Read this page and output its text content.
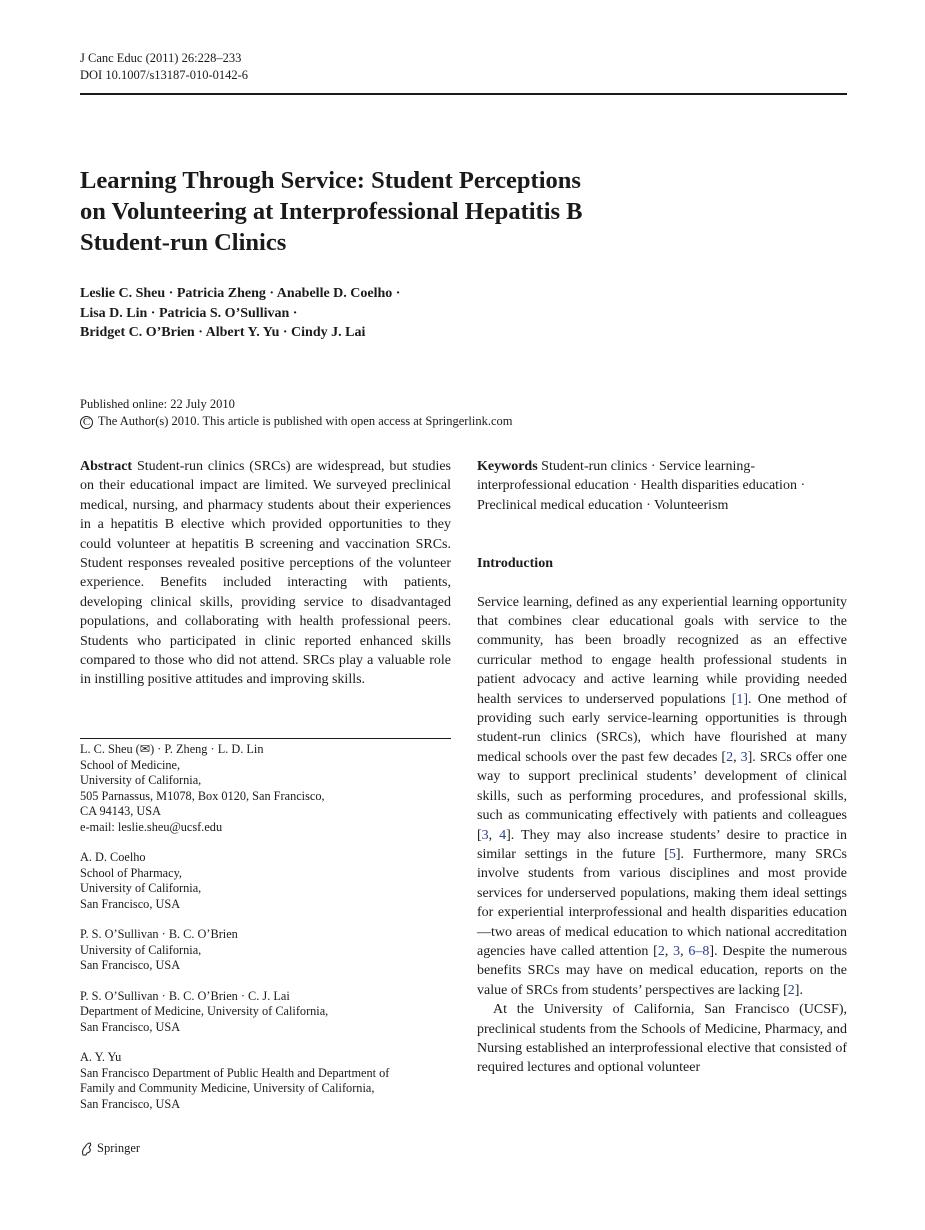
J Canc Educ (2011) 26:228–233
DOI 10.1007/s13187-010-0142-6
Learning Through Service: Student Perceptions
on Volunteering at Interprofessional Hepatitis B
Student-run Clinics
Leslie C. Sheu · Patricia Zheng · Anabelle D. Coelho ·
Lisa D. Lin · Patricia S. O’Sullivan ·
Bridget C. O’Brien · Albert Y. Yu · Cindy J. Lai
Published online: 22 July 2010
C The Author(s) 2010. This article is published with open access at Springerlink.com

Abstract Student-run clinics (SRCs) are widespread, but studies on their educational impact are limited. We surveyed preclinical medical, nursing, and pharmacy students about their experiences in a hepatitis B elective which provided opportunities to they could volunteer at hepatitis B screening and vaccination SRCs. Student responses revealed positive perceptions of the volunteer experience. Benefits included interacting with patients, developing clinical skills, providing service to disadvantaged populations, and collaborating with health professional peers. Students who participated in clinic reported enhanced skills compared to those who did not attend. SRCs play a valuable role in instilling positive attitudes and improving skills.

L. C. Sheu (✉) · P. Zheng · L. D. Lin
School of Medicine,
University of California,
505 Parnassus, M1078, Box 0120, San Francisco,
CA 94143, USA
e-mail: leslie.sheu@ucsf.edu
A. D. Coelho
School of Pharmacy,
University of California,
San Francisco, USA
P. S. O’Sullivan · B. C. O’Brien
University of California,
San Francisco, USA
P. S. O’Sullivan · B. C. O’Brien · C. J. Lai
Department of Medicine, University of California,
San Francisco, USA
A. Y. Yu
San Francisco Department of Public Health and Department of
Family and Community Medicine, University of California,
San Francisco, USA

Keywords Student-run clinics · Service learning-interprofessional education · Health disparities education · Preclinical medical education · Volunteerism

Introduction

Service learning, defined as any experiential learning opportunity that combines clear educational goals with service to the community, has been broadly recognized as an effective curricular method to engage health professional students in patient advocacy and active learning while providing needed health services to underserved populations [1]. One method of providing such early service-learning opportunities is through student-run clinics (SRCs), which have flourished at many medical schools over the past few decades [2, 3]. SRCs offer one way to support preclinical students’ development of clinical skills, such as performing procedures, and professional skills, such as communicating effectively with patients and colleagues [3, 4]. They may also increase students’ desire to practice in similar settings in the future [5]. Furthermore, many SRCs involve students from various disciplines and most provide services for underserved populations, making them ideal settings for experiential interprofessional and health disparities education—two areas of medical education to which national accreditation agencies have called attention [2, 3, 6–8]. Despite the numerous benefits SRCs may have on medical education, reports on the value of SRCs from students’ perspectives are lacking [2].

At the University of California, San Francisco (UCSF), preclinical students from the Schools of Medicine, Pharmacy, and Nursing established an interprofessional elective that consisted of required lectures and optional volunteer

Springer
